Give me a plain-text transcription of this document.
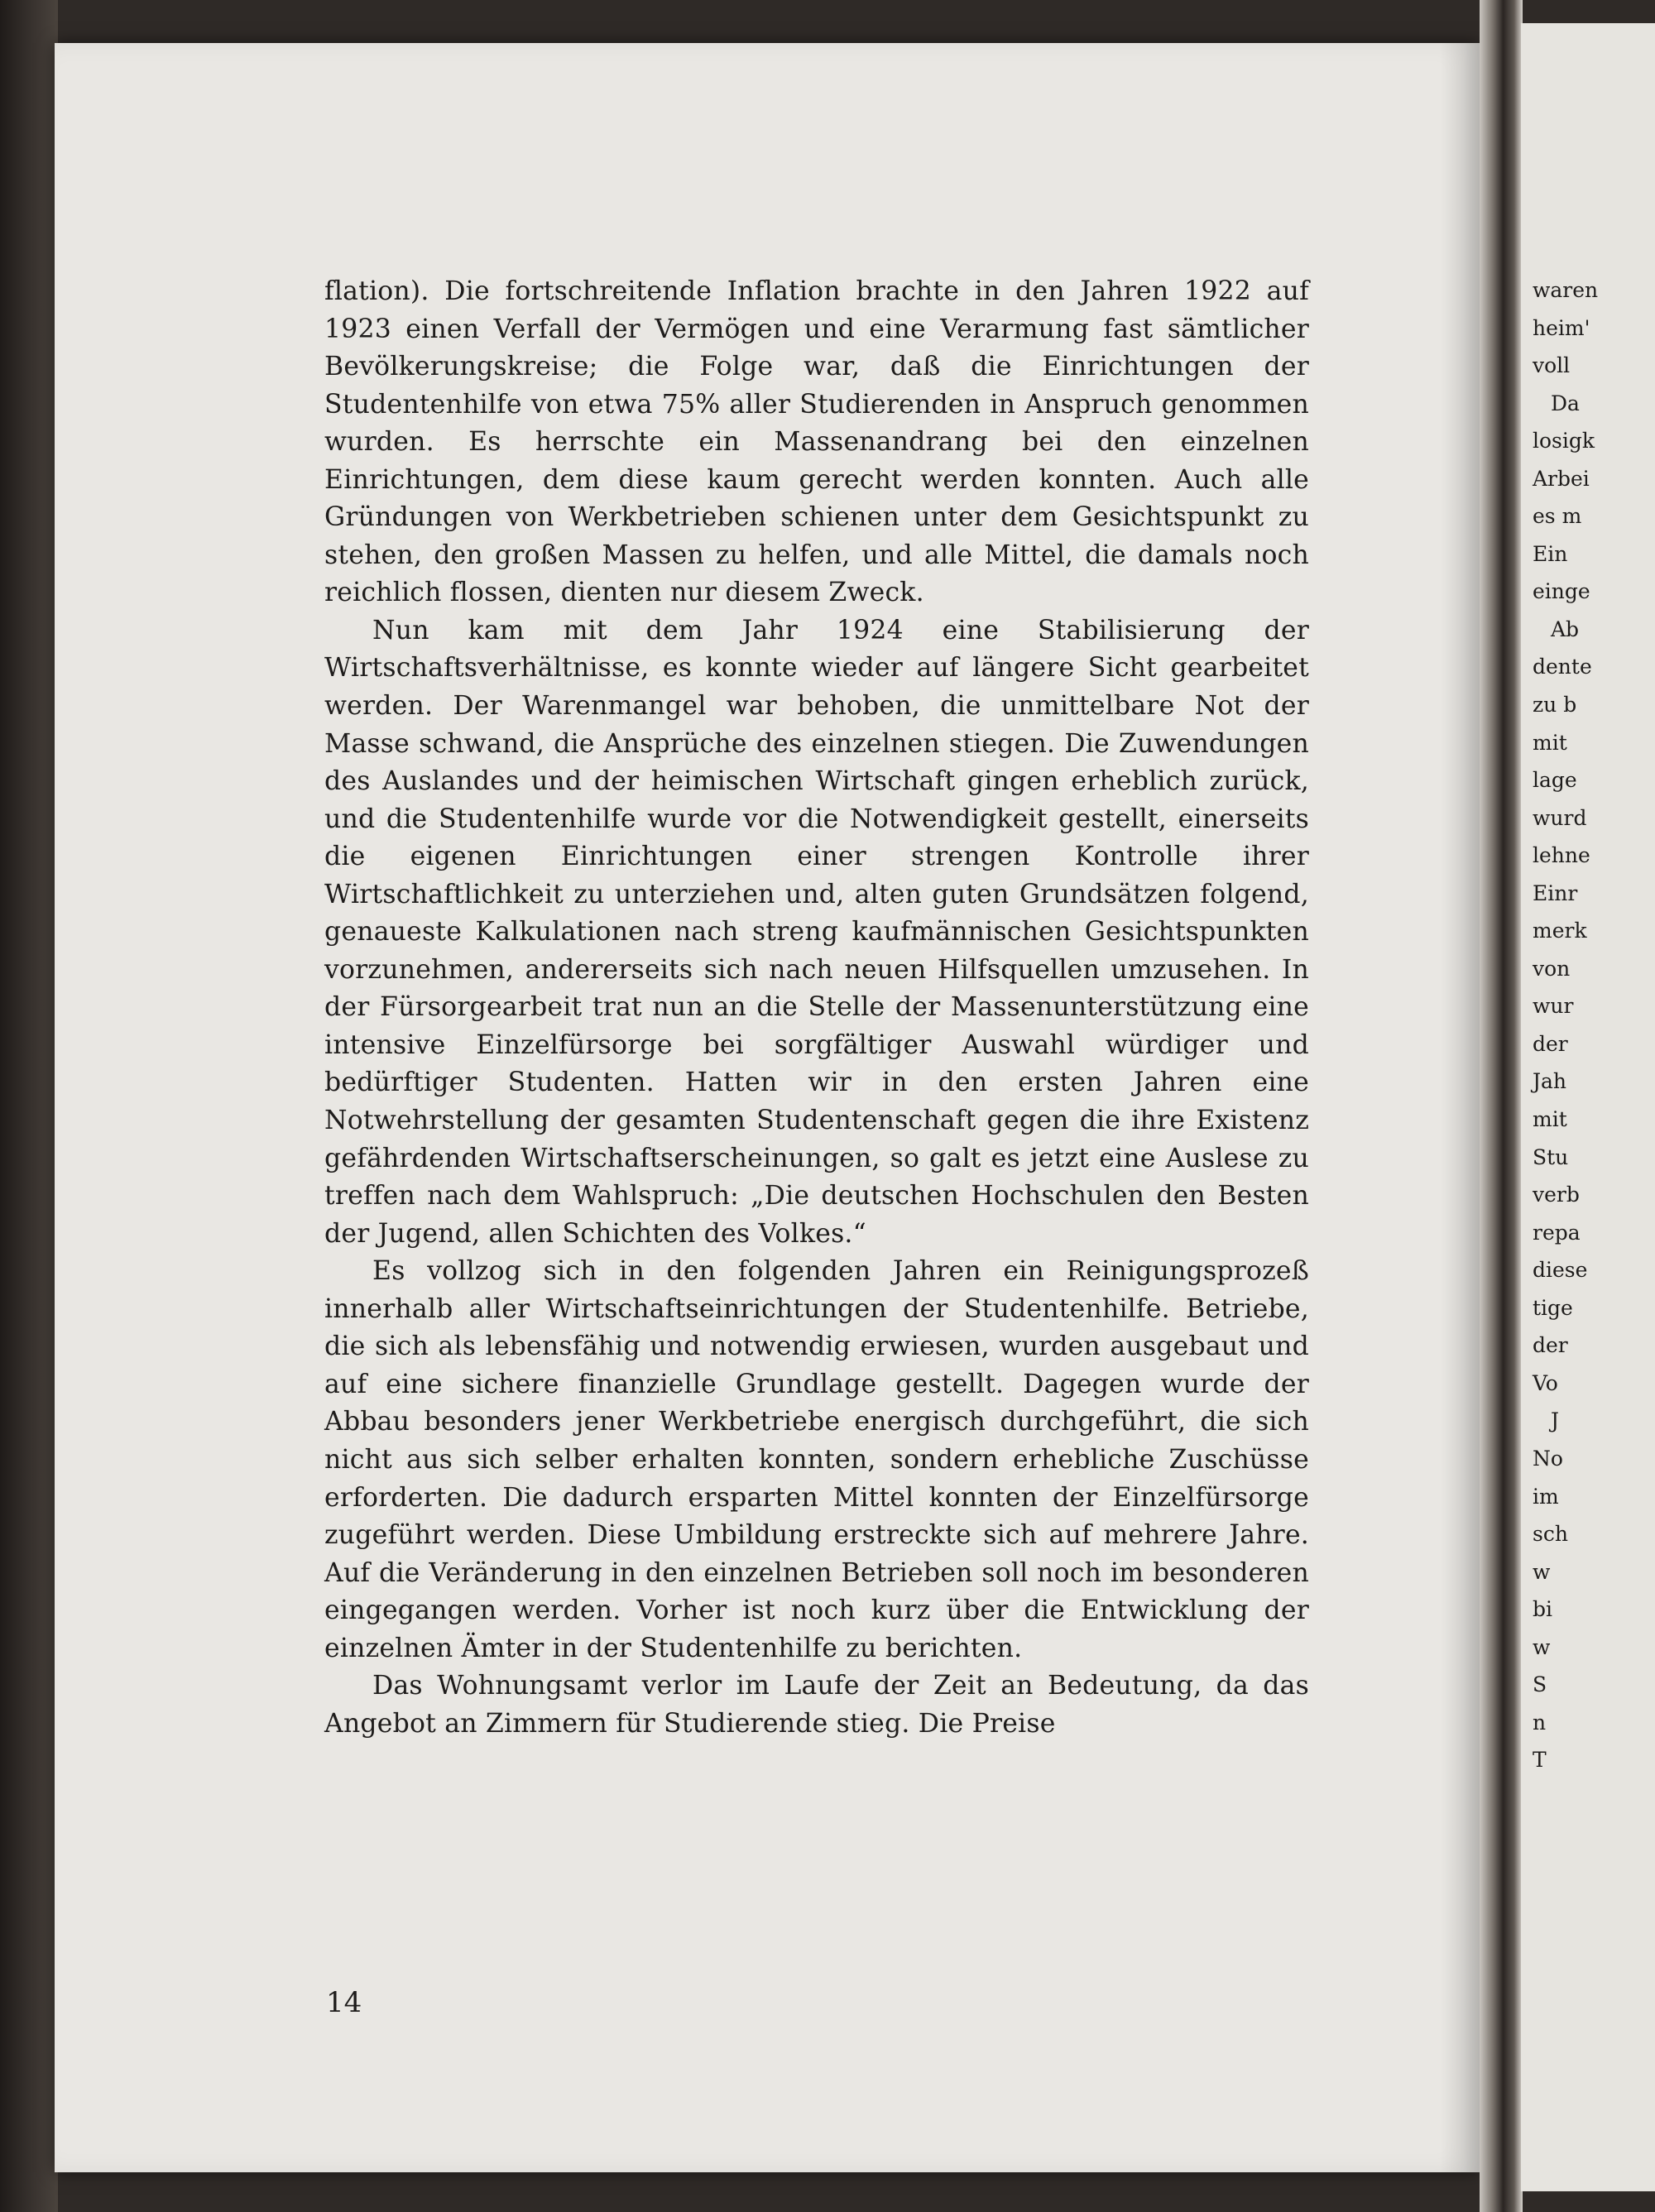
flation). Die fortschreitende Inflation brachte in den Jahren 1922 auf 1923 einen Verfall der Vermögen und eine Verarmung fast sämtlicher Bevölkerungskreise; die Folge war, daß die Einrichtungen der Studentenhilfe von etwa 75% aller Studierenden in Anspruch genommen wurden. Es herrschte ein Massenandrang bei den einzelnen Einrichtungen, dem diese kaum gerecht werden konnten. Auch alle Gründungen von Werkbetrieben schienen unter dem Gesichtspunkt zu stehen, den großen Massen zu helfen, und alle Mittel, die damals noch reichlich flossen, dienten nur diesem Zweck.

Nun kam mit dem Jahr 1924 eine Stabilisierung der Wirtschaftsverhältnisse, es konnte wieder auf längere Sicht gearbeitet werden. Der Warenmangel war behoben, die unmittelbare Not der Masse schwand, die Ansprüche des einzelnen stiegen. Die Zuwendungen des Auslandes und der heimischen Wirtschaft gingen erheblich zurück, und die Studentenhilfe wurde vor die Notwendigkeit gestellt, einerseits die eigenen Einrichtungen einer strengen Kontrolle ihrer Wirtschaftlichkeit zu unterziehen und, alten guten Grundsätzen folgend, genaueste Kalkulationen nach streng kaufmännischen Gesichtspunkten vorzunehmen, andererseits sich nach neuen Hilfsquellen umzusehen. In der Fürsorgearbeit trat nun an die Stelle der Massenunterstützung eine intensive Einzelfürsorge bei sorgfältiger Auswahl würdiger und bedürftiger Studenten. Hatten wir in den ersten Jahren eine Notwehrstellung der gesamten Studentenschaft gegen die ihre Existenz gefährdenden Wirtschaftserscheinungen, so galt es jetzt eine Auslese zu treffen nach dem Wahlspruch: „Die deutschen Hochschulen den Besten der Jugend, allen Schichten des Volkes.“

Es vollzog sich in den folgenden Jahren ein Reinigungsprozeß innerhalb aller Wirtschaftseinrichtungen der Studentenhilfe. Betriebe, die sich als lebensfähig und notwendig erwiesen, wurden ausgebaut und auf eine sichere finanzielle Grundlage gestellt. Dagegen wurde der Abbau besonders jener Werkbetriebe energisch durchgeführt, die sich nicht aus sich selber erhalten konnten, sondern erhebliche Zuschüsse erforderten. Die dadurch ersparten Mittel konnten der Einzelfürsorge zugeführt werden. Diese Umbildung erstreckte sich auf mehrere Jahre. Auf die Veränderung in den einzelnen Betrieben soll noch im besonderen eingegangen werden. Vorher ist noch kurz über die Entwicklung der einzelnen Ämter in der Studentenhilfe zu berichten.

Das Wohnungsamt verlor im Laufe der Zeit an Bedeutung, da das Angebot an Zimmern für Studierende stieg. Die Preise

14
waren
heim'
voll
Da
losigk
Arbei
es m
Ein
einge
Ab
dente
zu b
mit
lage
wurd
lehne
Einr
merk
von
wur
der
Jah
mit
Stu
verb
repa
diese
tige
der
Vo
J
No
im
sch
w
bi
w
S
n
T
